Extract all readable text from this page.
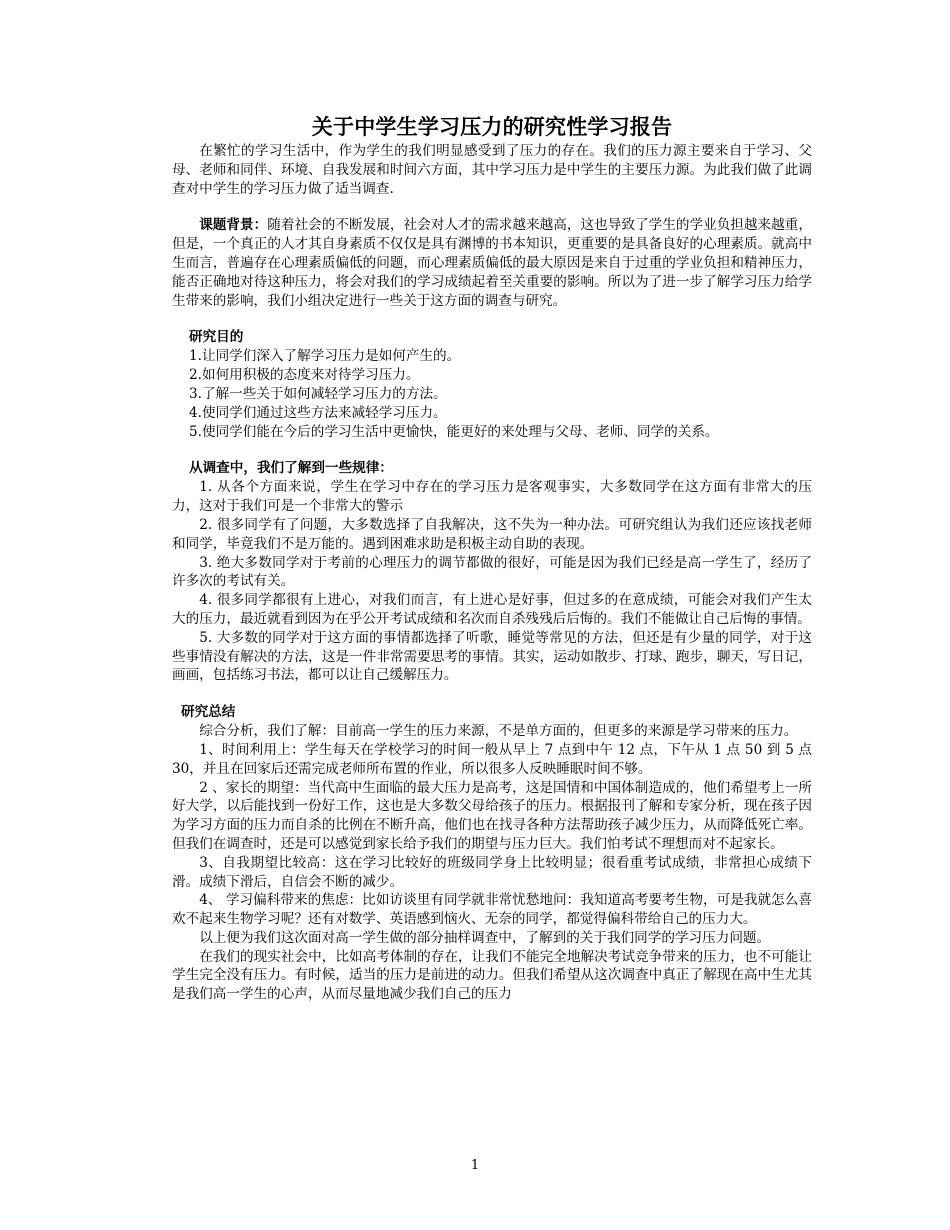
关于中学生学习压力的研究性学习报告

在繁忙的学习生活中，作为学生的我们明显感受到了压力的存在。我们的压力源主要来自于学习、父母、老师和同伴、环境、自我发展和时间六方面，其中学习压力是中学生的主要压力源。为此我们做了此调查对中学生的学习压力做了适当调查.

课题背景：随着社会的不断发展，社会对人才的需求越来越高，这也导致了学生的学业负担越来越重，但是，一个真正的人才其自身素质不仅仅是具有渊博的书本知识，更重要的是具备良好的心理素质。就高中生而言，普遍存在心理素质偏低的问题，而心理素质偏低的最大原因是来自于过重的学业负担和精神压力，能否正确地对待这种压力，将会对我们的学习成绩起着至关重要的影响。所以为了进一步了解学习压力给学生带来的影响，我们小组决定进行一些关于这方面的调查与研究。

研究目的

1.让同学们深入了解学习压力是如何产生的。

2.如何用积极的态度来对待学习压力。

3.了解一些关于如何减轻学习压力的方法。

4.使同学们通过这些方法来减轻学习压力。

5.使同学们能在今后的学习生活中更愉快，能更好的来处理与父母、老师、同学的关系。

从调查中，我们了解到一些规律：

1. 从各个方面来说，学生在学习中存在的学习压力是客观事实，大多数同学在这方面有非常大的压力，这对于我们可是一个非常大的警示

2. 很多同学有了问题，大多数选择了自我解决，这不失为一种办法。可研究组认为我们还应该找老师和同学，毕竟我们不是万能的。遇到困难求助是积极主动自助的表现。

3. 绝大多数同学对于考前的心理压力的调节都做的很好，可能是因为我们已经是高一学生了，经历了许多次的考试有关。

4. 很多同学都很有上进心，对我们而言，有上进心是好事，但过多的在意成绩，可能会对我们产生太大的压力，最近就看到因为在乎公开考试成绩和名次而自杀残残后后悔的。我们不能做让自己后悔的事情。

5. 大多数的同学对于这方面的事情都选择了听歌，睡觉等常见的方法，但还是有少量的同学，对于这些事情没有解决的方法，这是一件非常需要思考的事情。其实，运动如散步、打球、跑步，聊天，写日记，画画，包括练习书法，都可以让自己缓解压力。

研究总结

综合分析，我们了解：目前高一学生的压力来源，不是单方面的，但更多的来源是学习带来的压力。

1、时间利用上：学生每天在学校学习的时间一般从早上 7 点到中午 12 点，下午从 1 点 50 到 5 点 30，并且在回家后还需完成老师所布置的作业，所以很多人反映睡眠时间不够。

2 、家长的期望：当代高中生面临的最大压力是高考，这是国情和中国体制造成的，他们希望考上一所好大学，以后能找到一份好工作，这也是大多数父母给孩子的压力。根据报刊了解和专家分析，现在孩子因为学习方面的压力而自杀的比例在不断升高，他们也在找寻各种方法帮助孩子减少压力，从而降低死亡率。但我们在调查时，还是可以感觉到家长给予我们的期望与压力巨大。我们怕考试不理想而对不起家长。

3、自我期望比较高：这在学习比较好的班级同学身上比较明显；很看重考试成绩，非常担心成绩下滑。成绩下滑后，自信会不断的减少。

4、 学习偏科带来的焦虑：比如访谈里有同学就非常忧愁地问：我知道高考要考生物，可是我就怎么喜欢不起来生物学习呢？还有对数学、英语感到恼火、无奈的同学，都觉得偏科带给自己的压力大。

以上便为我们这次面对高一学生做的部分抽样调查中，了解到的关于我们同学的学习压力问题。

在我们的现实社会中，比如高考体制的存在，让我们不能完全地解决考试竞争带来的压力，也不可能让学生完全没有压力。有时候，适当的压力是前进的动力。但我们希望从这次调查中真正了解现在高中生尤其是我们高一学生的心声，从而尽量地减少我们自己的压力

1
